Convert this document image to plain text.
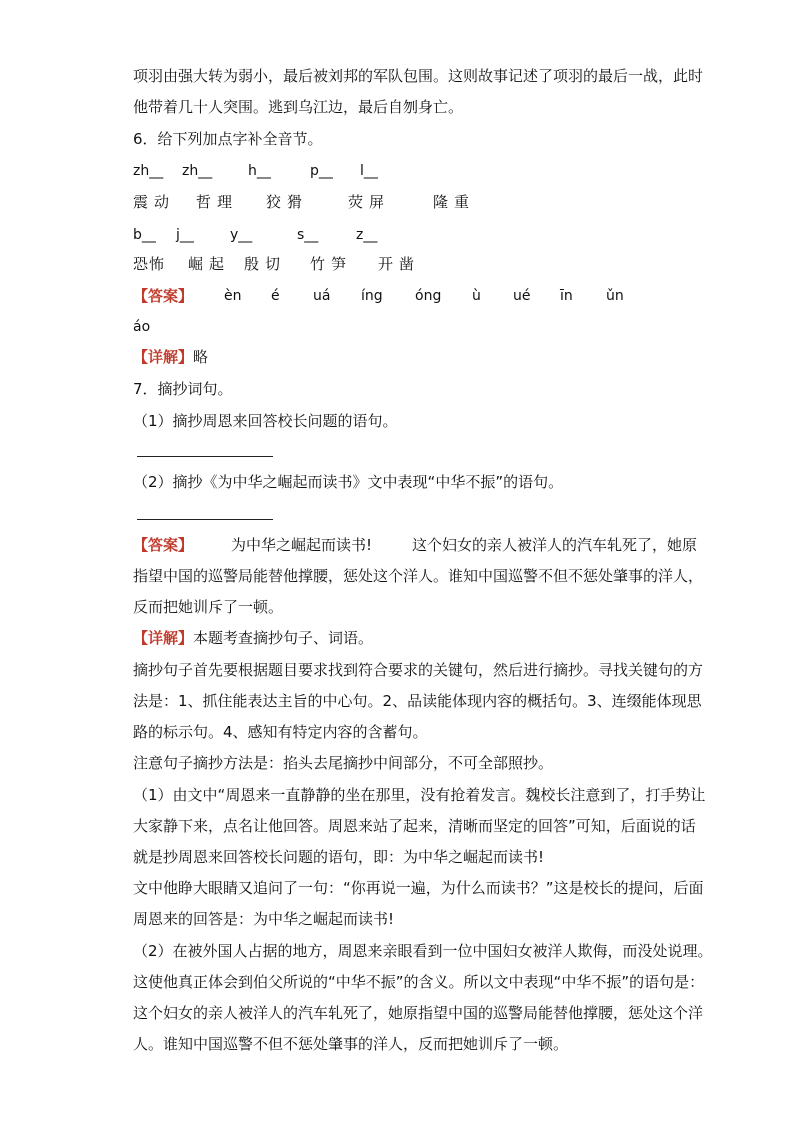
项羽由强大转为弱小，最后被刘邦的军队包围。这则故事记述了项羽的最后一战，此时
他带着几十人突围。逃到乌江边，最后自刎身亡。
6．给下列加点字补全音节。
zh__ zh__	h__	p__ l__
震动 哲理 狡猾	荧屏	隆重
b__ j__	y__	s__	z__
恐怖 崛起 殷切 竹笋 开凿
【答案】 èn é uá íng óng ù ué īn ǔn
áo
【详解】略
7．摘抄词句。
（1）摘抄周恩来回答校长问题的语句。
（2）摘抄《为中华之崛起而读书》文中表现“中华不振”的语句。
【答案】	为中华之崛起而读书!	这个妇女的亲人被洋人的汽车轧死了，她原
指望中国的巡警局能替他撑腰，惩处这个洋人。谁知中国巡警不但不惩处肇事的洋人，
反而把她训斥了一顿。
【详解】本题考查摘抄句子、词语。
摘抄句子首先要根据题目要求找到符合要求的关键句，然后进行摘抄。寻找关键句的方
法是：1、抓住能表达主旨的中心句。2、品读能体现内容的概括句。3、连缀能体现思
路的标示句。4、感知有特定内容的含蓄句。
注意句子摘抄方法是：掐头去尾摘抄中间部分，不可全部照抄。
（1）由文中“周恩来一直静静的坐在那里，没有抢着发言。魏校长注意到了，打手势让
大家静下来，点名让他回答。周恩来站了起来，清晰而坚定的回答”可知，后面说的话
就是抄周恩来回答校长问题的语句，即：为中华之崛起而读书!
文中他睁大眼睛又追问了一句：“你再说一遍，为什么而读书？”这是校长的提问，后面
周恩来的回答是：为中华之崛起而读书!
（2）在被外国人占据的地方，周恩来亲眼看到一位中国妇女被洋人欺侮，而没处说理。
这使他真正体会到伯父所说的“中华不振”的含义。所以文中表现“中华不振”的语句是：
这个妇女的亲人被洋人的汽车轧死了，她原指望中国的巡警局能替他撑腰，惩处这个洋
人。谁知中国巡警不但不惩处肇事的洋人，反而把她训斥了一顿。
